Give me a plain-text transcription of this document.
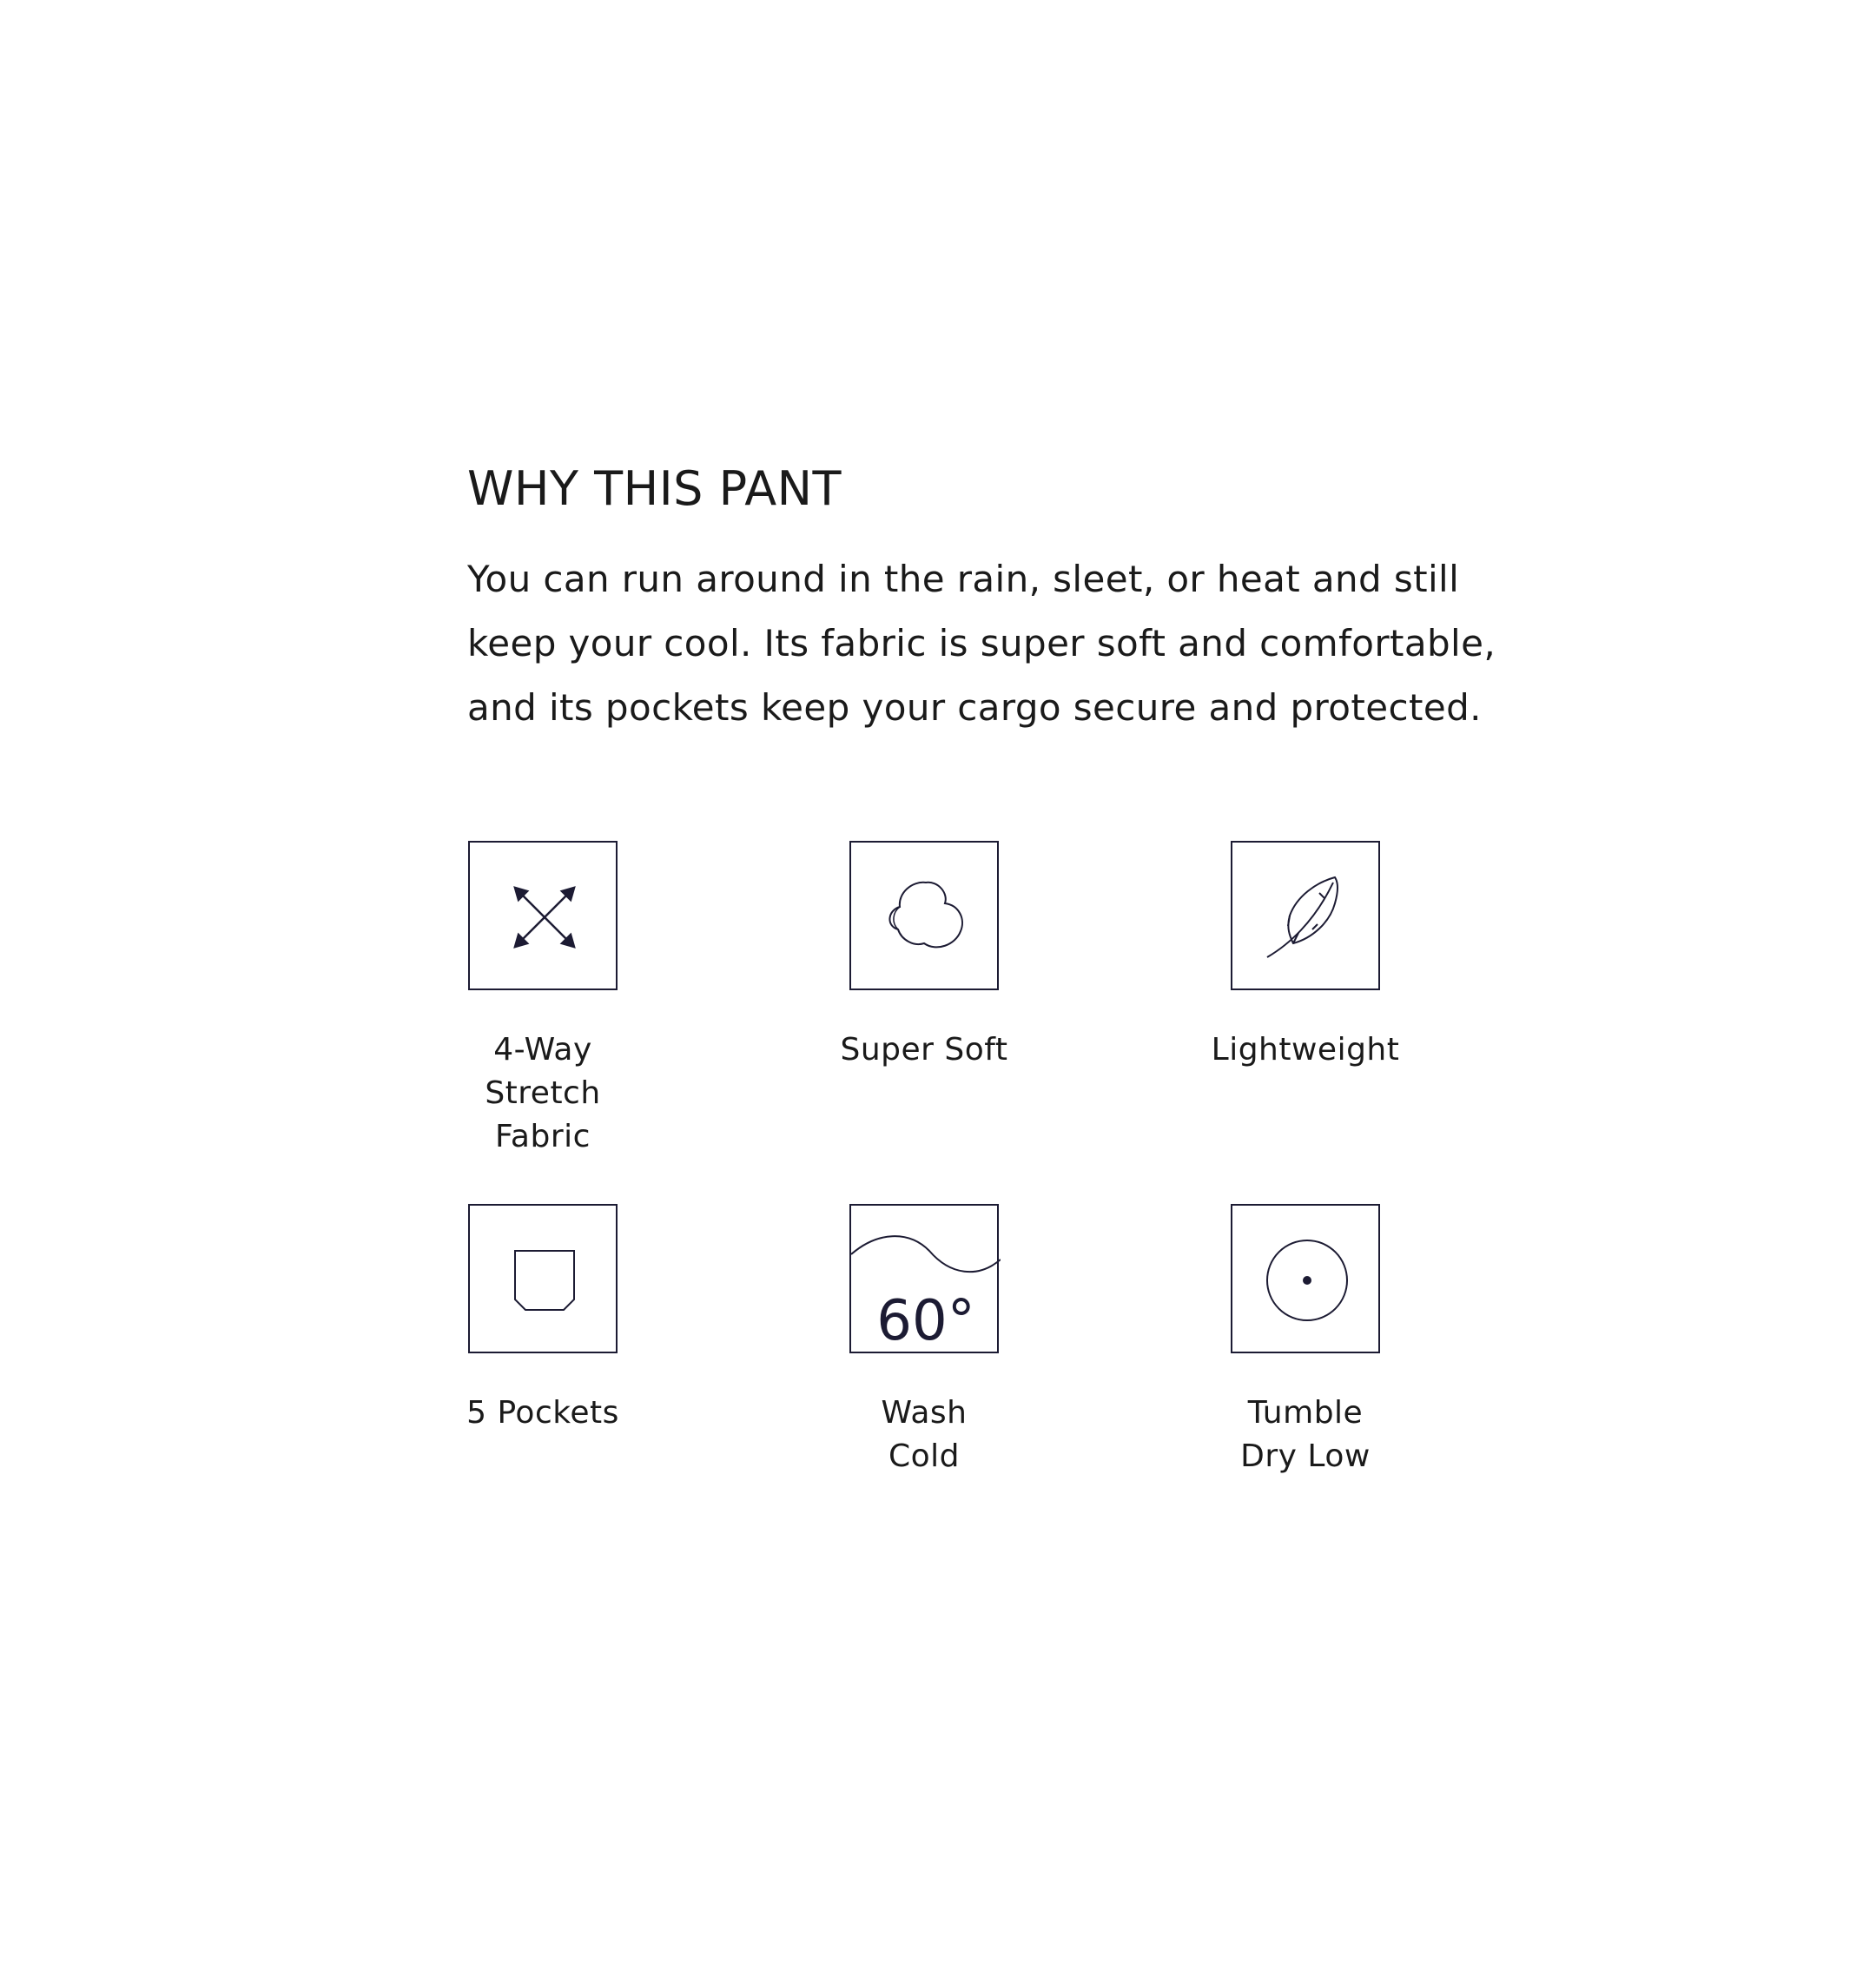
WHY THIS PANT

You can run around in the rain, sleet, or heat and still keep your cool. Its fabric is super soft and comfortable, and its pockets keep your cargo secure and protected.

4-Way
Stretch
Fabric
Super Soft	Lightweight
5 Pockets
60°
Wash
Cold
Tumble
Dry Low
